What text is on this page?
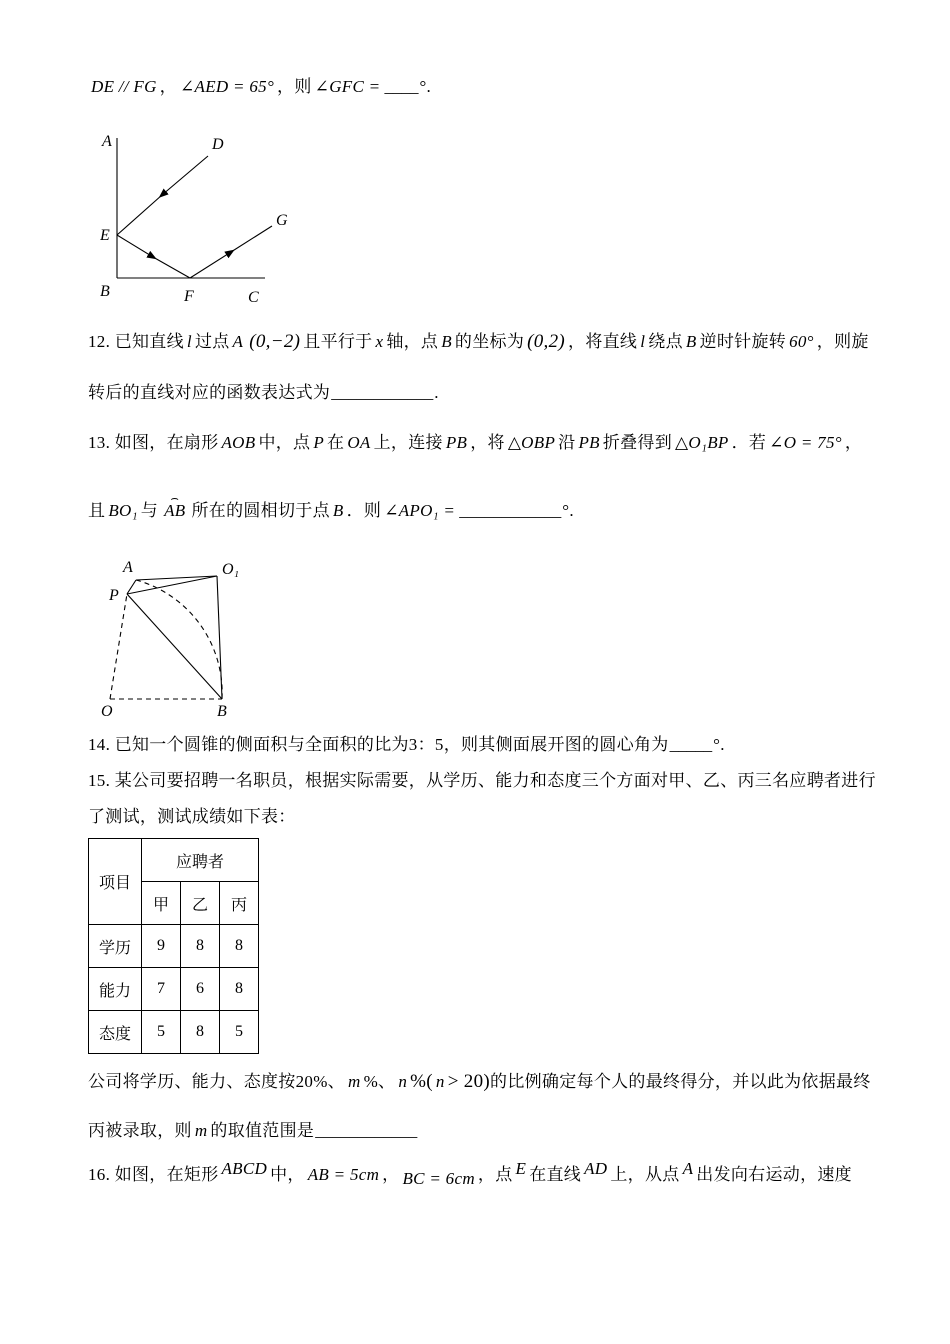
DE // FG ， ∠AED = 65° ，则 ∠GFC = ____°.

A	D
E
G
B	F	C

12. 已知直线 l 过点 A (0,−2) 且平行于 x 轴，点 B 的坐标为 (0,2) ，将直线 l 绕点 B 逆时针旋转 60° ，则旋

转后的直线对应的函数表达式为____________.

13. 如图，在扇形 AOB 中，点 P 在 OA 上，连接 PB ，将 △OBP 沿 PB 折叠得到 △O₁BP ．若 ∠O = 75° ，

且 BO₁ 与
⌢
AB 所在的圆相切于点 B ．则 ∠APO₁ = ____________°.

A	O₁
P
O	B

14. 已知一个圆锥的侧面积与全面积的比为3：5，则其侧面展开图的圆心角为_____°.

15. 某公司要招聘一名职员，根据实际需要，从学历、能力和态度三个方面对甲、乙、丙三名应聘者进行

了测试，测试成绩如下表：

项目	应聘者		
	甲	乙	丙
学历	9	8	8
能力	7	6	8
态度	5	8	5

公司将学历、能力、态度按20%、 m %、 n %( n > 20)的比例确定每个人的最终得分，并以此为依据最终

丙被录取，则 m 的取值范围是____________

16. 如图，在矩形 ABCD 中， AB = 5cm ， BC = 6cm ，点 E 在直线 AD 上，从点 A 出发向右运动，速度
